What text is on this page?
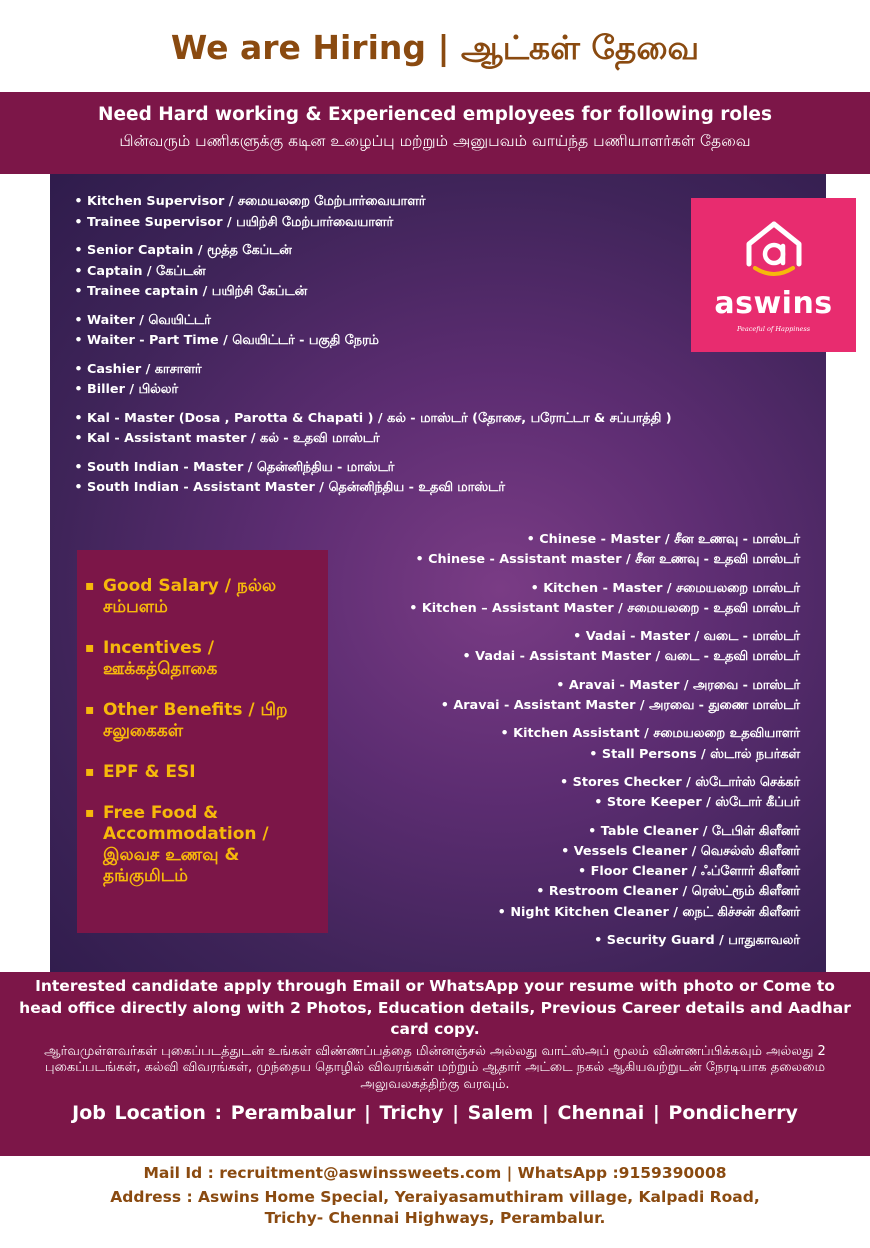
We are Hiring | ஆட்கள் தேவை
Need Hard working & Experienced employees for following roles
பின்வரும் பணிகளுக்கு கடின உழைப்பு மற்றும் அனுபவம் வாய்ந்த பணியாளர்கள் தேவை
aswins
Peaceful of Happiness
• Kitchen Supervisor / சமையலறை மேற்பார்வையாளர்
• Trainee Supervisor / பயிற்சி மேற்பார்வையாளர்
• Senior Captain / மூத்த கேப்டன்
• Captain / கேப்டன்
• Trainee captain / பயிற்சி கேப்டன்
• Waiter / வெயிட்டர்
• Waiter - Part Time / வெயிட்டர் - பகுதி நேரம்
• Cashier / காசாளர்
• Biller / பில்லர்
• Kal - Master (Dosa , Parotta & Chapati ) / கல் - மாஸ்டர் (தோசை, பரோட்டா & சப்பாத்தி )
• Kal - Assistant master / கல் - உதவி மாஸ்டர்
• South Indian - Master / தென்னிந்திய - மாஸ்டர்
• South Indian - Assistant Master / தென்னிந்திய - உதவி மாஸ்டர்
• Chinese - Master / சீன உணவு - மாஸ்டர்
• Chinese - Assistant master / சீன உணவு - உதவி மாஸ்டர்
• Kitchen - Master / சமையலறை மாஸ்டர்
• Kitchen – Assistant Master / சமையலறை - உதவி மாஸ்டர்
• Vadai - Master / வடை - மாஸ்டர்
• Vadai - Assistant Master / வடை - உதவி மாஸ்டர்
• Aravai - Master / அரவை - மாஸ்டர்
• Aravai - Assistant Master / அரவை - துணை மாஸ்டர்
• Kitchen Assistant / சமையலறை உதவியாளர்
• Stall Persons / ஸ்டால் நபர்கள்
• Stores Checker / ஸ்டோர்ஸ் செக்கர்
• Store Keeper / ஸ்டோர் கீப்பர்
• Table Cleaner / டேபிள் கிளீனர்
• Vessels Cleaner / வெசல்ஸ் கிளீனர்
• Floor Cleaner / ஃப்ளோர் கிளீனர்
• Restroom Cleaner / ரெஸ்ட்ரூம் கிளீனர்
• Night Kitchen Cleaner / நைட் கிச்சன் கிளீனர்
• Security Guard / பாதுகாவலர்
▪ Good Salary / நல்ல சம்பளம்
▪ Incentives / ஊக்கத்தொகை
▪ Other Benefits / பிற சலுகைகள்
▪ EPF & ESI
▪ Free Food & Accommodation / இலவச உணவு & தங்குமிடம்
Interested candidate apply through Email or WhatsApp your resume with photo or Come to head office directly along with 2 Photos, Education details, Previous Career details and Aadhar card copy.
ஆர்வமுள்ளவர்கள் புகைப்படத்துடன் உங்கள் விண்ணப்பத்தை மின்னஞ்சல் அல்லது வாட்ஸ்அப் மூலம் விண்ணப்பிக்கவும் அல்லது 2 புகைப்படங்கள், கல்வி விவரங்கள், முந்தைய தொழில் விவரங்கள் மற்றும் ஆதார் அட்டை நகல் ஆகியவற்றுடன் நேரடியாக தலைமை அலுவலகத்திற்கு வரவும்.
Job Location : Perambalur | Trichy | Salem | Chennai | Pondicherry
Mail Id : recruitment@aswinssweets.com | WhatsApp :9159390008
Address : Aswins Home Special, Yeraiyasamuthiram village, Kalpadi Road,
Trichy- Chennai Highways, Perambalur.
